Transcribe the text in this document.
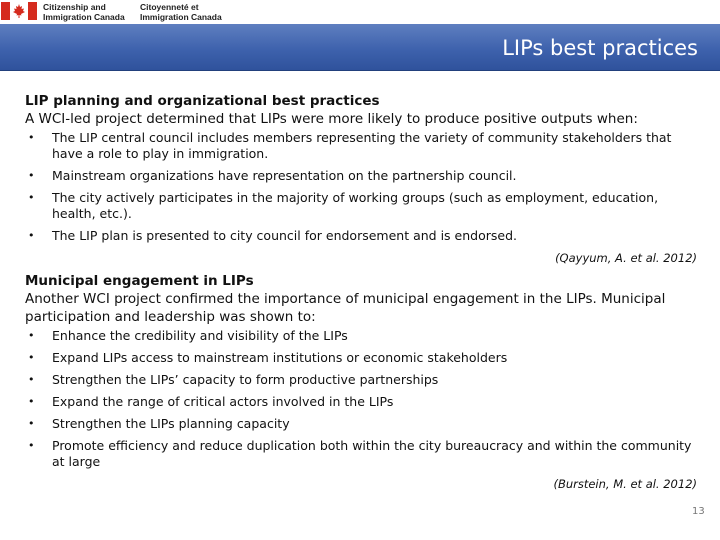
Citizenship and
Immigration Canada
Citoyenneté et
Immigration Canada
LIPs best practices
LIP planning and organizational best practices
A WCI-led project determined that LIPs were more likely to produce positive outputs when:
• The LIP central council includes members representing the variety of community stakeholders that have a role to play in immigration.
• Mainstream organizations have representation on the partnership council.
• The city actively participates in the majority of working groups (such as employment, education, health, etc.).
• The LIP plan is presented to city council for endorsement and is endorsed.
(Qayyum, A. et al. 2012)
Municipal engagement in LIPs
Another WCI project confirmed the importance of municipal engagement in the LIPs. Municipal participation and leadership was shown to:
• Enhance the credibility and visibility of the LIPs
• Expand LIPs access to mainstream institutions or economic stakeholders
• Strengthen the LIPs’ capacity to form productive partnerships
• Expand the range of critical actors involved in the LIPs
• Strengthen the LIPs planning capacity
• Promote efficiency and reduce duplication both within the city bureaucracy and within the community at large
(Burstein, M. et al. 2012)
13
